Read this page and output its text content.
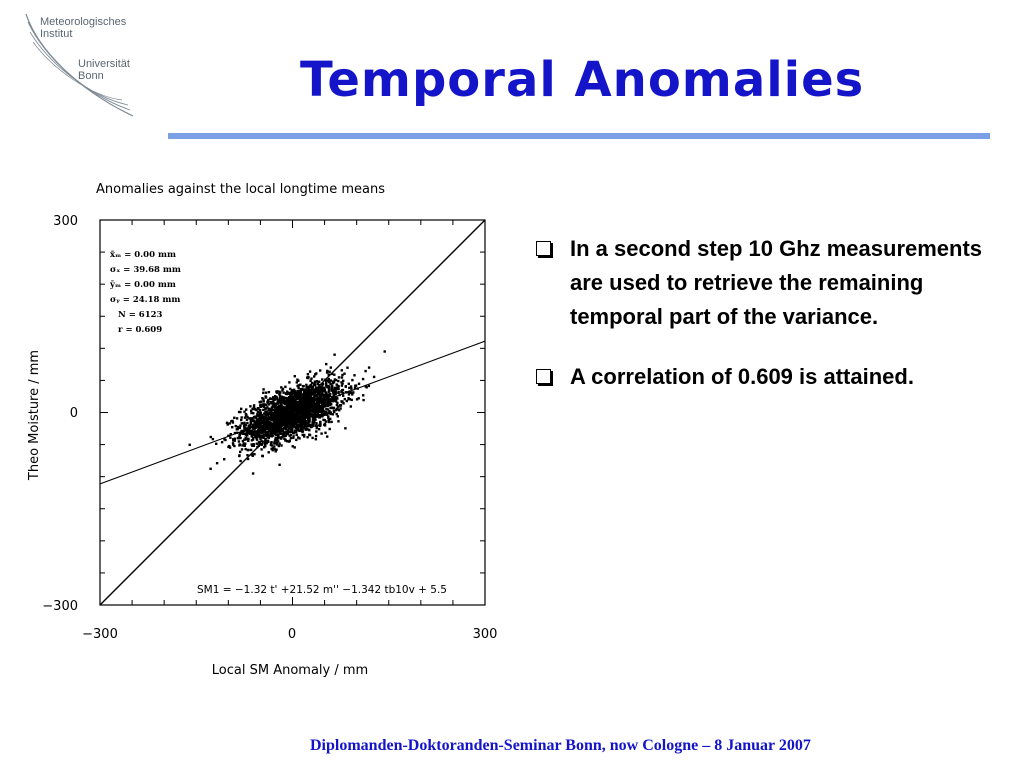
Meteorologisches
Institut
Universität
Bonn	Temporal Anomalies
Anomalies against the local longtime means
300
0
−300
−300	0	300
Local SM Anomaly / mm
Theo Moisture / mm
x̄ₘ = 0.00 mm
σₓ = 39.68 mm
ȳₘ = 0.00 mm
σᵧ = 24.18 mm
N = 6123
r = 0.609
SM1 = −1.32 t' +21.52 m'' −1.342 tb10v + 5.5
In a second step 10 Ghz measurements are used to retrieve the remaining temporal part of the variance.
A correlation of 0.609 is attained.
Diplomanden-Doktoranden-Seminar Bonn, now Cologne – 8 Januar 2007
